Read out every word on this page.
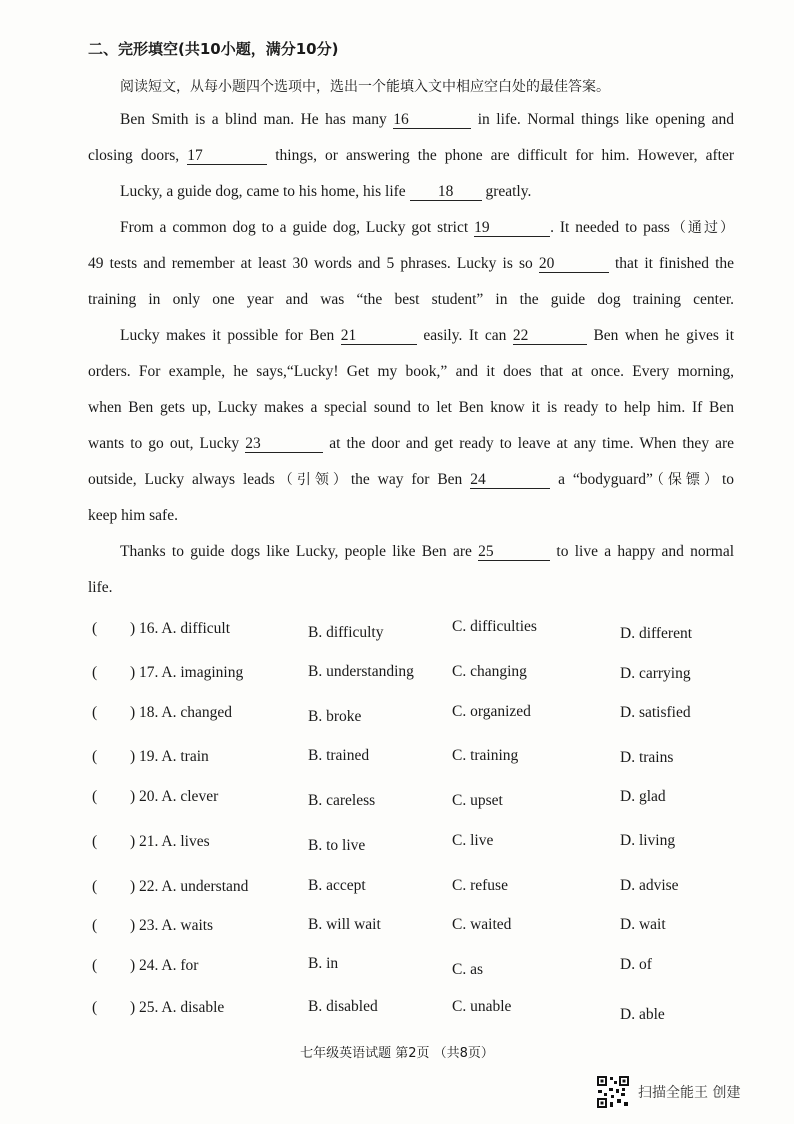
二、完形填空(共10小题，满分10分)
阅读短文，从每小题四个选项中，选出一个能填入文中相应空白处的最佳答案。
Ben Smith is a blind man. He has many 16	in life. Normal things like opening and
closing doors, 17	things, or answering the phone are difficult for him. However, after
Lucky, a guide dog, came to his home, his life 18 greatly.
From a common dog to a guide dog, Lucky got strict 19	. It needed to pass（通过）
49 tests and remember at least 30 words and 5 phrases. Lucky is so 20	that it finished the
training in only one year and was “the best student” in the guide dog training center.
Lucky makes it possible for Ben 21	easily. It can 22	Ben when he gives it
orders. For example, he says,“Lucky! Get my book,” and it does that at once. Every morning,
when Ben gets up, Lucky makes a special sound to let Ben know it is ready to help him. If Ben
wants to go out, Lucky 23	at the door and get ready to leave at any time. When they are
outside, Lucky always leads（引领）the way for Ben 24	a “bodyguard”（保镖）to
keep him safe.
Thanks to guide dogs like Lucky, people like Ben are 25	to live a happy and normal
life.
( ) 16. A. difficult	B. difficulty	C. difficulties	D. different
( ) 17. A. imagining	B. understanding C. changing	D. carrying
( ) 18. A. changed	B. broke	C. organized	D. satisfied
( ) 19. A. train	B. trained	C. training	D. trains
( ) 20. A. clever	B. careless	C. upset	D. glad
( ) 21. A. lives	B. to live	C. live	D. living
( ) 22. A. understand	B. accept	C. refuse	D. advise
( ) 23. A. waits	B. will wait	C. waited	D. wait
( ) 24. A. for	B. in	C. as	D. of
( ) 25. A. disable	B. disabled	C. unable	D. able
七年级英语试题 第2页 （共8页）
扫描全能王 创建
